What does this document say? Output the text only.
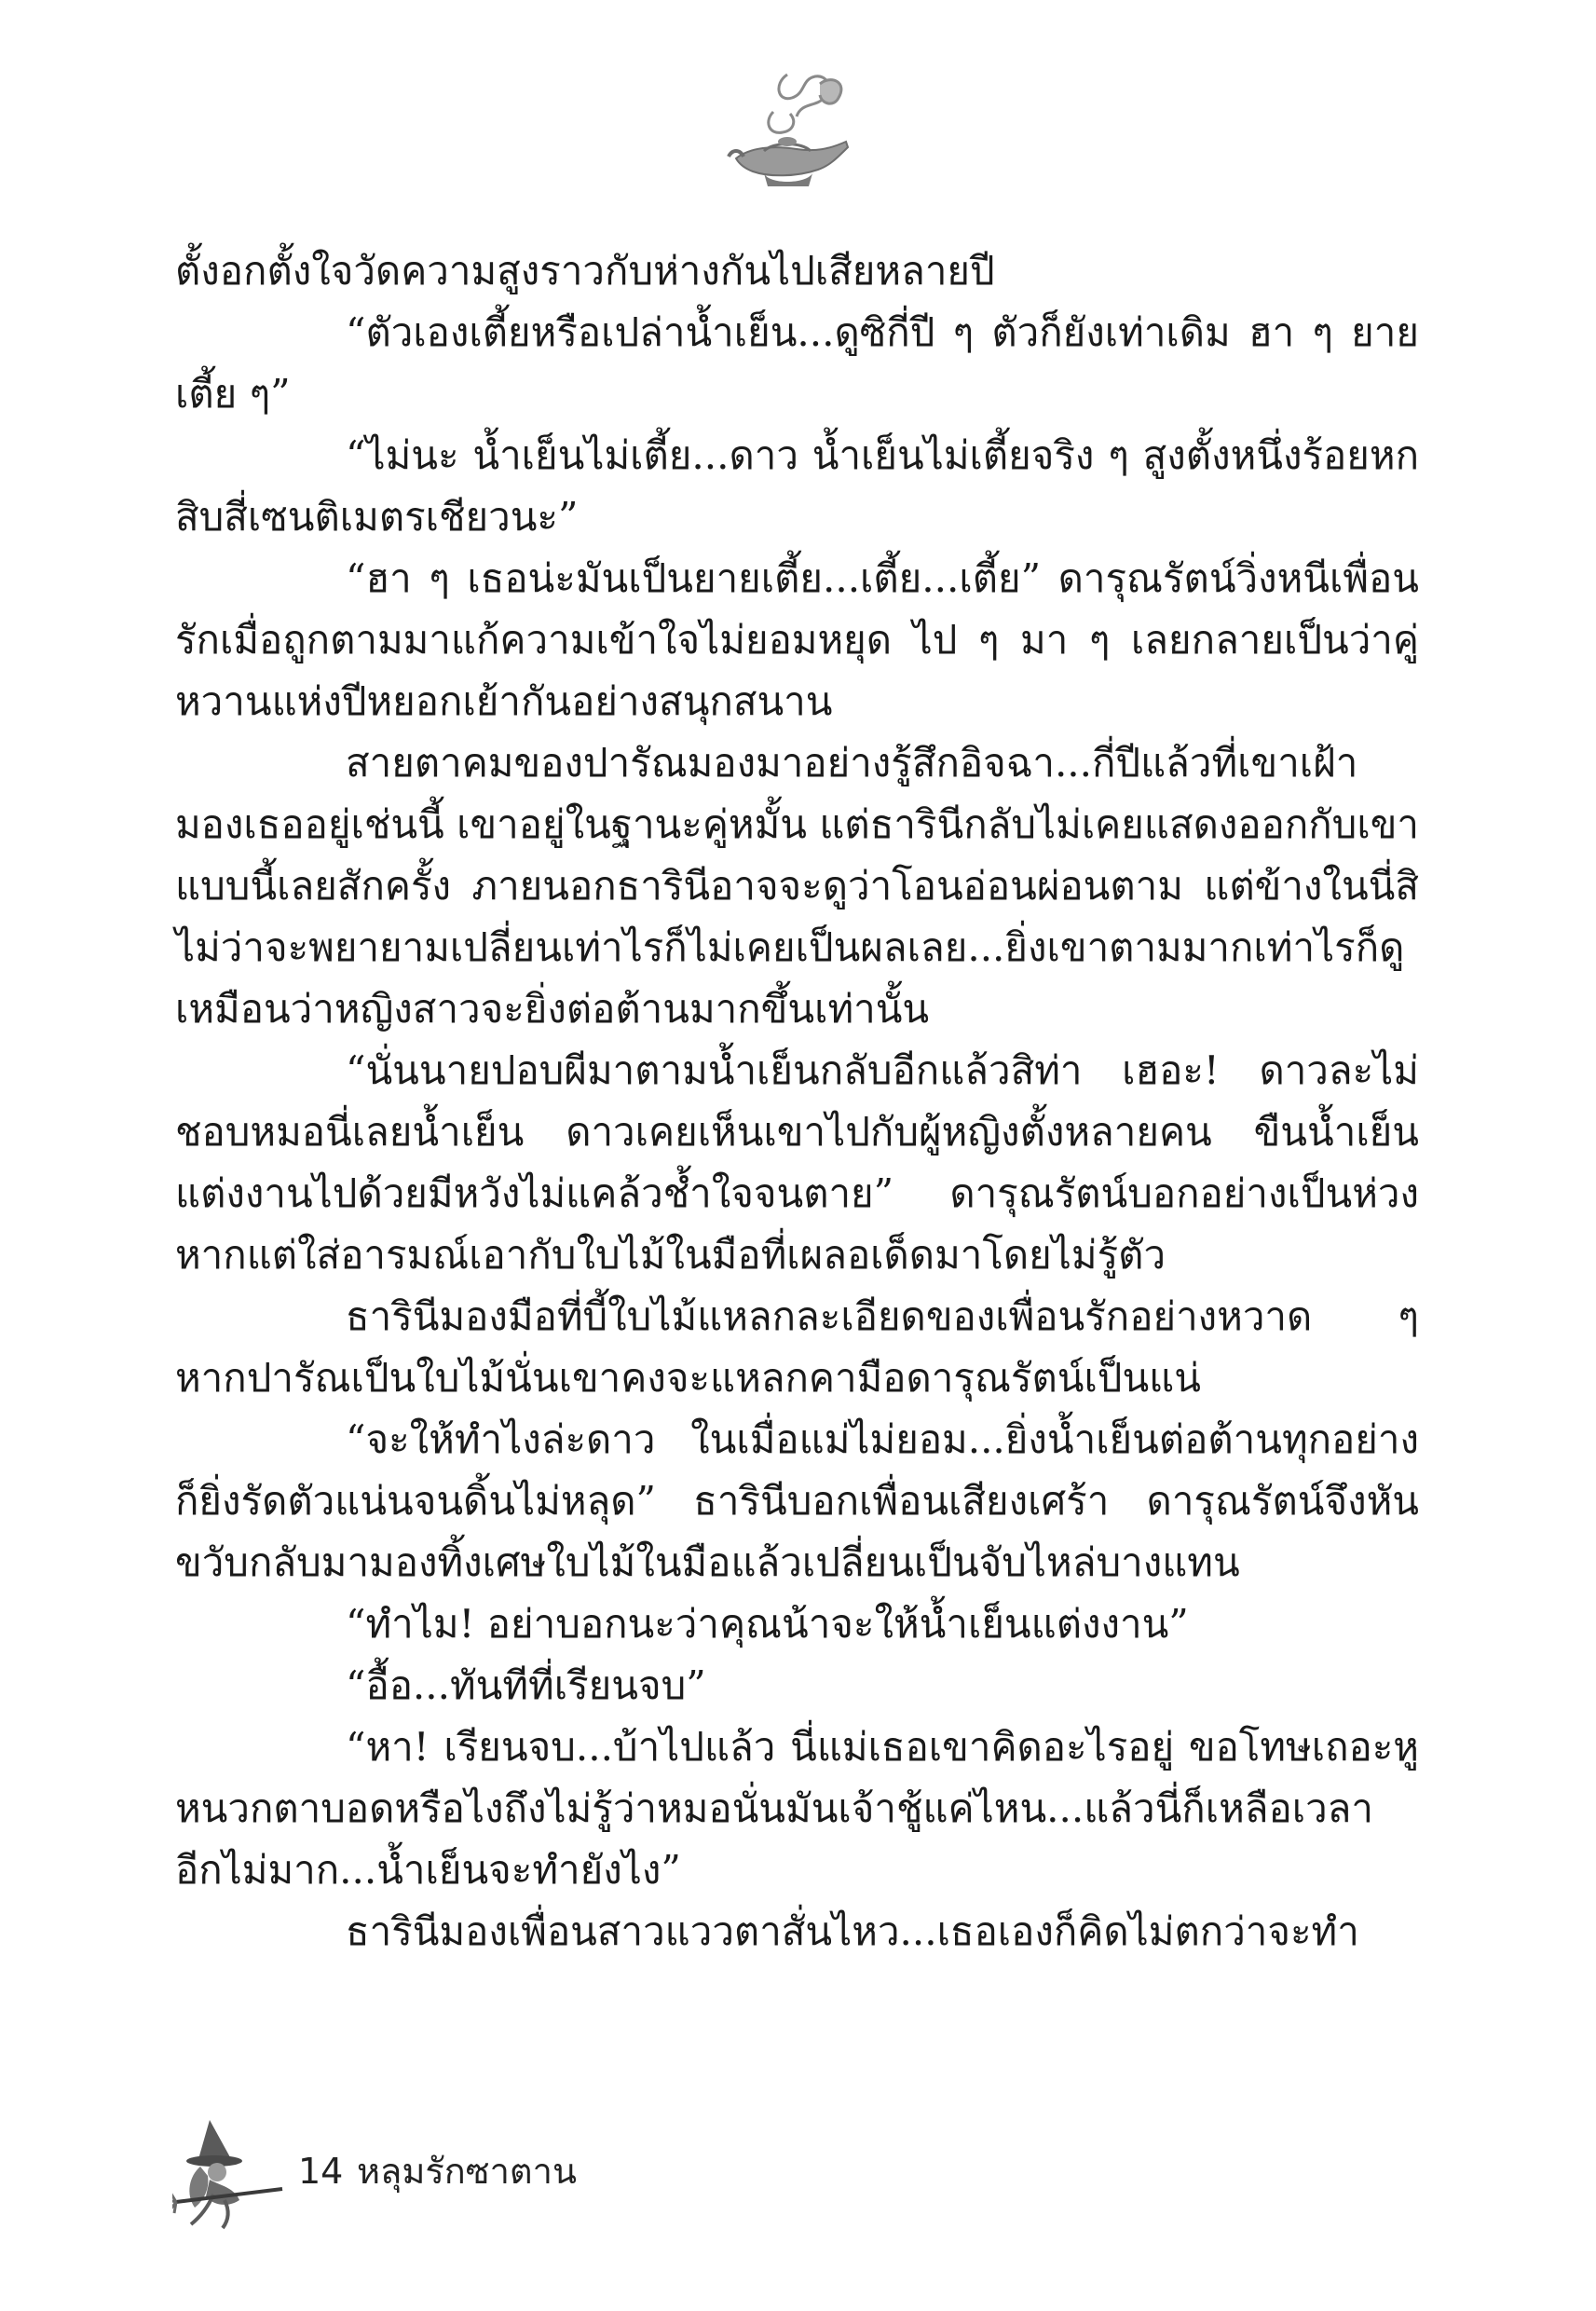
ตั้งอกตั้งใจวัดความสูงราวกับห่างกันไปเสียหลายปี

“ตัวเองเตี้ยหรือเปล่าน้ำเย็น...ดูซิกี่ปี ๆ ตัวก็ยังเท่าเดิม ฮา ๆ ยายเตี้ย ๆ”

“ไม่นะ น้ำเย็นไม่เตี้ย...ดาว น้ำเย็นไม่เตี้ยจริง ๆ สูงตั้งหนึ่งร้อยหกสิบสี่เซนติเมตรเชียวนะ”

“ฮา ๆ เธอน่ะมันเป็นยายเตี้ย...เตี้ย...เตี้ย” ดารุณรัตน์วิ่งหนีเพื่อนรักเมื่อถูกตามมาแก้ความเข้าใจไม่ยอมหยุด ไป ๆ มา ๆ เลยกลายเป็นว่าคู่หวานแห่งปีหยอกเย้ากันอย่างสนุกสนาน

สายตาคมของปารัณมองมาอย่างรู้สึกอิจฉา...กี่ปีแล้วที่เขาเฝ้ามองเธออยู่เช่นนี้ เขาอยู่ในฐานะคู่หมั้น แต่ธารินีกลับไม่เคยแสดงออกกับเขาแบบนี้เลยสักครั้ง ภายนอกธารินีอาจจะดูว่าโอนอ่อนผ่อนตาม แต่ข้างในนี่สิ ไม่ว่าจะพยายามเปลี่ยนเท่าไรก็ไม่เคยเป็นผลเลย...ยิ่งเขาตามมากเท่าไรก็ดูเหมือนว่าหญิงสาวจะยิ่งต่อต้านมากขึ้นเท่านั้น

“นั่นนายปอบผีมาตามน้ำเย็นกลับอีกแล้วสิท่า เฮอะ! ดาวละไม่ชอบหมอนี่เลยน้ำเย็น ดาวเคยเห็นเขาไปกับผู้หญิงตั้งหลายคน ขืนน้ำเย็นแต่งงานไปด้วยมีหวังไม่แคล้วช้ำใจจนตาย” ดารุณรัตน์บอกอย่างเป็นห่วง หากแต่ใส่อารมณ์เอากับใบไม้ในมือที่เผลอเด็ดมาโดยไม่รู้ตัว

ธารินีมองมือที่บี้ใบไม้แหลกละเอียดของเพื่อนรักอย่างหวาด ๆ หากปารัณเป็นใบไม้นั่นเขาคงจะแหลกคามือดารุณรัตน์เป็นแน่

“จะให้ทำไงล่ะดาว ในเมื่อแม่ไม่ยอม...ยิ่งน้ำเย็นต่อต้านทุกอย่างก็ยิ่งรัดตัวแน่นจนดิ้นไม่หลุด” ธารินีบอกเพื่อนเสียงเศร้า ดารุณรัตน์จึงหันขวับกลับมามองทิ้งเศษใบไม้ในมือแล้วเปลี่ยนเป็นจับไหล่บางแทน

“ทำไม! อย่าบอกนะว่าคุณน้าจะให้น้ำเย็นแต่งงาน”

“อื้อ...ทันทีที่เรียนจบ”

“หา! เรียนจบ...บ้าไปแล้ว นี่แม่เธอเขาคิดอะไรอยู่ ขอโทษเถอะหูหนวกตาบอดหรือไงถึงไม่รู้ว่าหมอนั่นมันเจ้าชู้แค่ไหน...แล้วนี่ก็เหลือเวลาอีกไม่มาก...น้ำเย็นจะทำยังไง”

ธารินีมองเพื่อนสาวแววตาสั่นไหว...เธอเองก็คิดไม่ตกว่าจะทำ

14 หลุมรักซาตาน
